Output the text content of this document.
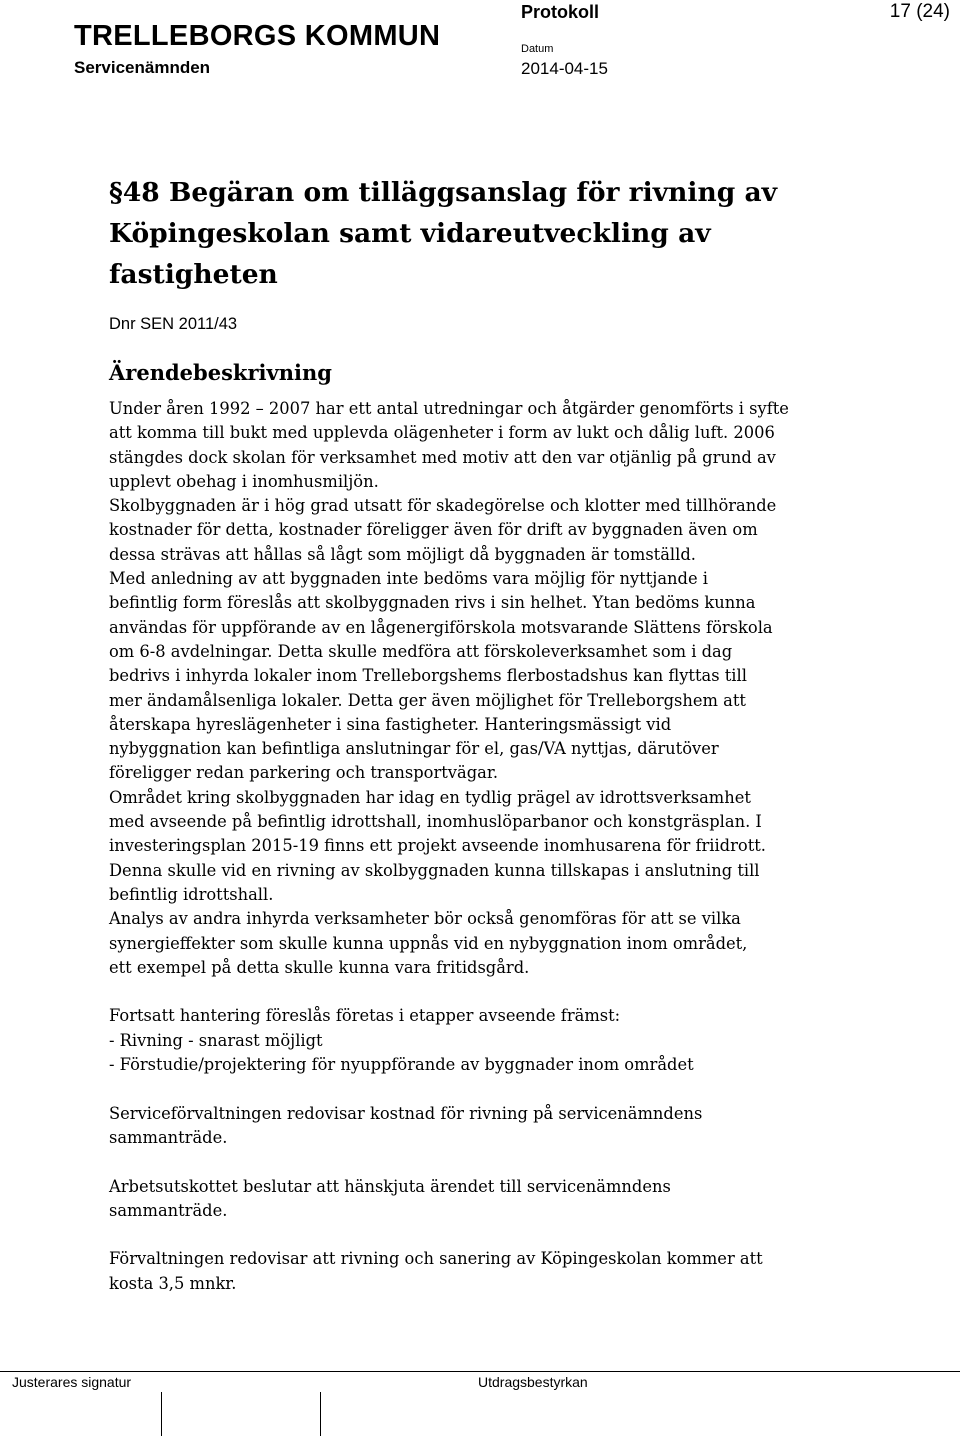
TRELLEBORGS KOMMUN
Servicenämnden
Protokoll	17 (24)
Datum
2014-04-15
§48 Begäran om tilläggsanslag för rivning av Köpingeskolan samt vidareutveckling av fastigheten
Dnr SEN 2011/43
Ärendebeskrivning
Under åren 1992 – 2007 har ett antal utredningar och åtgärder genomförts i syfte
att komma till bukt med upplevda olägenheter i form av lukt och dålig luft. 2006
stängdes dock skolan för verksamhet med motiv att den var otjänlig på grund av
upplevt obehag i inomhusmiljön.
Skolbyggnaden är i hög grad utsatt för skadegörelse och klotter med tillhörande
kostnader för detta, kostnader föreligger även för drift av byggnaden även om
dessa strävas att hållas så lågt som möjligt då byggnaden är tomställd.
Med anledning av att byggnaden inte bedöms vara möjlig för nyttjande i
befintlig form föreslås att skolbyggnaden rivs i sin helhet. Ytan bedöms kunna
användas för uppförande av en lågenergiförskola motsvarande Slättens förskola
om 6-8 avdelningar. Detta skulle medföra att förskoleverksamhet som i dag
bedrivs i inhyrda lokaler inom Trelleborgshems flerbostadshus kan flyttas till
mer ändamålsenliga lokaler. Detta ger även möjlighet för Trelleborgshem att
återskapa hyreslägenheter i sina fastigheter. Hanteringsmässigt vid
nybyggnation kan befintliga anslutningar för el, gas/VA nyttjas, därutöver
föreligger redan parkering och transportvägar.
Området kring skolbyggnaden har idag en tydlig prägel av idrottsverksamhet
med avseende på befintlig idrottshall, inomhuslöparbanor och konstgräsplan. I
investeringsplan 2015-19 finns ett projekt avseende inomhusarena för friidrott.
Denna skulle vid en rivning av skolbyggnaden kunna tillskapas i anslutning till
befintlig idrottshall.
Analys av andra inhyrda verksamheter bör också genomföras för att se vilka
synergieffekter som skulle kunna uppnås vid en nybyggnation inom området,
ett exempel på detta skulle kunna vara fritidsgård.
Fortsatt hantering föreslås företas i etapper avseende främst:
- Rivning - snarast möjligt
- Förstudie/projektering för nyuppförande av byggnader inom området
Serviceförvaltningen redovisar kostnad för rivning på servicenämndens
sammanträde.
Arbetsutskottet beslutar att hänskjuta ärendet till servicenämndens
sammanträde.
Förvaltningen redovisar att rivning och sanering av Köpingeskolan kommer att
kosta 3,5 mnkr.
Justerares signatur	Utdragsbestyrkan
